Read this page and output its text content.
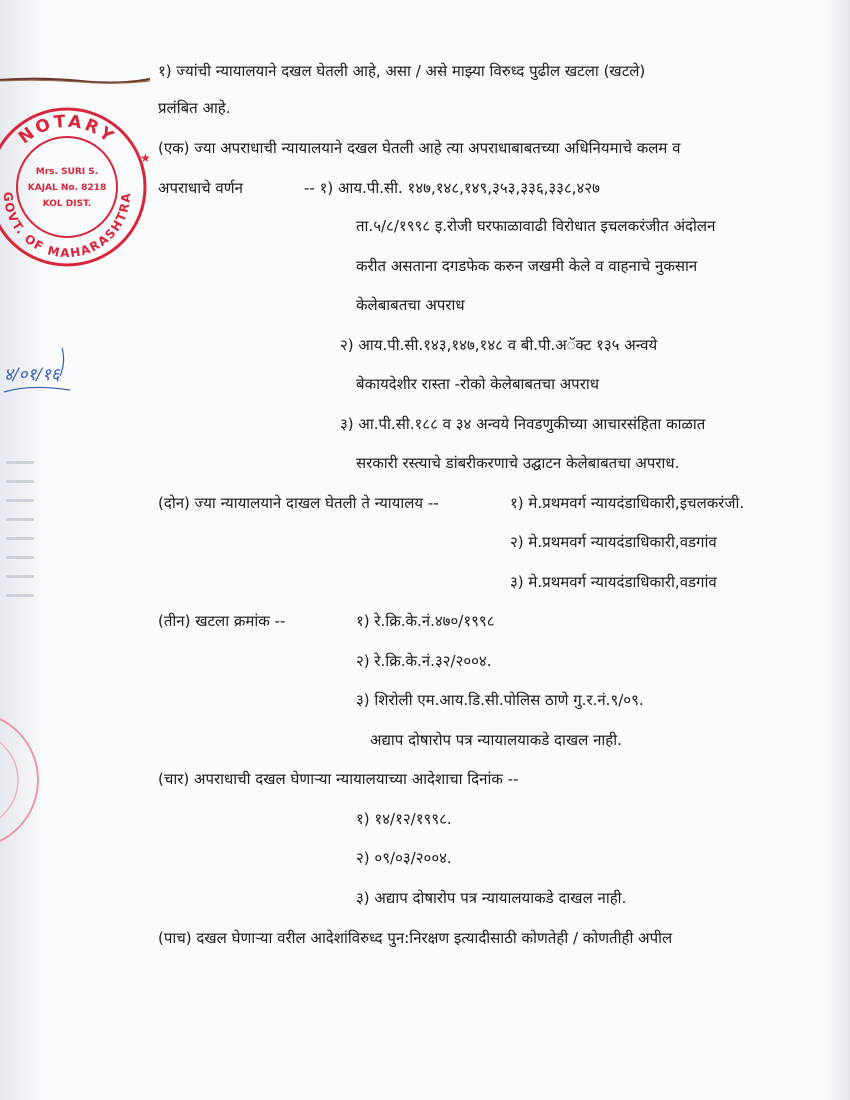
NOTARY
GOVT. OF MAHARASHTRA
Mrs. SURI S.
KAJAL No. 8218
KOL DIST.
★
४/०१/१६
१) ज्यांची न्यायालयाने दखल घेतली आहे, असा / असे माझ्या विरुध्द पुढील खटला (खटले)
प्रलंबित आहे.
(एक) ज्या अपराधाची न्यायालयाने दखल घेतली आहे त्या अपराधाबाबतच्या अधिनियमाचे कलम व
अपराधाचे वर्णन	-- १) आय.पी.सी. १४७,१४८,१४९,३५३,३३६,३३८,४२७
ता.५/८/१९९८ इ.रोजी घरफाळावाढी विरोधात इचलकरंजीत अंदोलन
करीत असताना दगडफेक करुन जखमी केले व वाहनाचे नुकसान
केलेबाबतचा अपराध
२) आय.पी.सी.१४३,१४७,१४८ व बी.पी.अॅक्ट १३५ अन्वये
बेकायदेशीर रास्ता -रोको केलेबाबतचा अपराध
३) आ.पी.सी.१८८ व ३४ अन्वये निवडणुकीच्या आचारसंहिता काळात
सरकारी रस्त्याचे डांबरीकरणाचे उद्घाटन केलेबाबतचा अपराध.
(दोन) ज्या न्यायालयाने दाखल घेतली ते न्यायालय --	१) मे.प्रथमवर्ग न्यायदंडाधिकारी,इचलकरंजी.
२) मे.प्रथमवर्ग न्यायदंडाधिकारी,वडगांव
३) मे.प्रथमवर्ग न्यायदंडाधिकारी,वडगांव
(तीन) खटला क्रमांक --	१) रे.क्रि.के.नं.४७०/१९९८
२) रे.क्रि.के.नं.३२/२००४.
३) शिरोली एम.आय.डि.सी.पोलिस ठाणे गु.र.नं.९/०९.
अद्याप दोषारोप पत्र न्यायालयाकडे दाखल नाही.
(चार) अपराधाची दखल घेणाऱ्या न्यायालयाच्या आदेशाचा दिनांक --
१) १४/१२/१९९८.
२) ०९/०३/२००४.
३) अद्याप दोषारोप पत्र न्यायालयाकडे दाखल नाही.
(पाच) दखल घेणाऱ्या वरील आदेशांविरुध्द पुन:निरक्षण इत्यादीसाठी कोणतेही / कोणतीही अपील
